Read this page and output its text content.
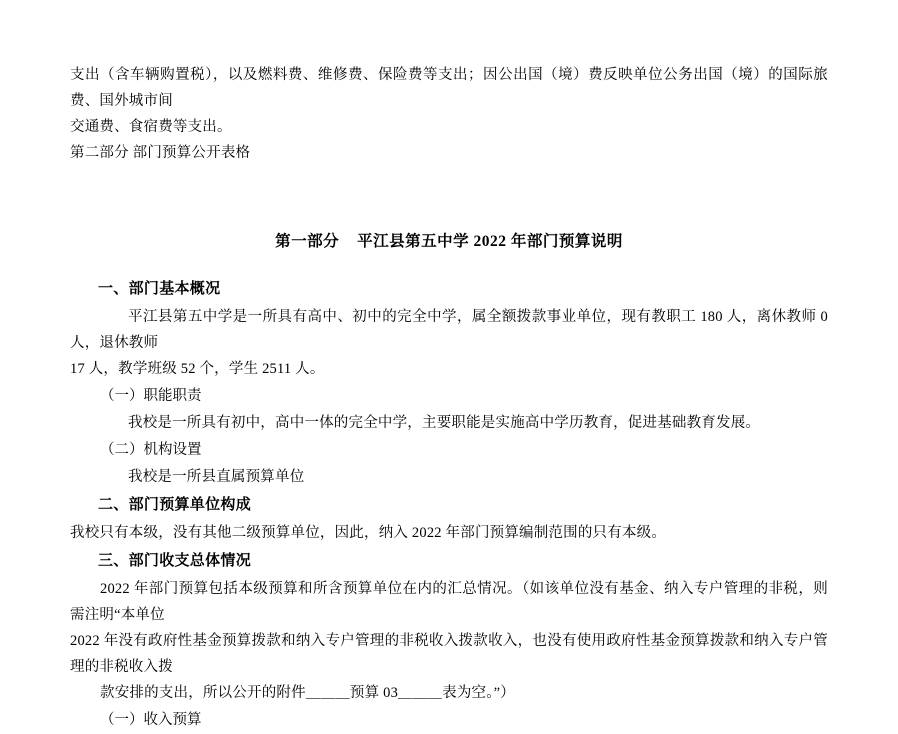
支出（含车辆购置税），以及燃料费、维修费、保险费等支出；因公出国（境）费反映单位公务出国（境）的国际旅费、国外城市间

交通费、食宿费等支出。

第二部分 部门预算公开表格

第一部分 平江县第五中学 2022 年部门预算说明

一、部门基本概况

平江县第五中学是一所具有高中、初中的完全中学，属全额拨款事业单位，现有教职工 180 人，离休教师 0 人，退休教师

17 人，教学班级 52 个，学生 2511 人。

（一）职能职责

我校是一所具有初中，高中一体的完全中学，主要职能是实施高中学历教育，促进基础教育发展。

（二）机构设置

我校是一所县直属预算单位

二、部门预算单位构成

我校只有本级，没有其他二级预算单位，因此，纳入 2022 年部门预算编制范围的只有本级。

三、部门收支总体情况

2022 年部门预算包括本级预算和所含预算单位在内的汇总情况。（如该单位没有基金、纳入专户管理的非税，则需注明“本单位

2022 年没有政府性基金预算拨款和纳入专户管理的非税收入拨款收入，也没有使用政府性基金预算拨款和纳入专户管理的非税收入拨

款安排的支出，所以公开的附件＿＿＿预算 03＿＿＿表为空。”）

（一）收入预算
